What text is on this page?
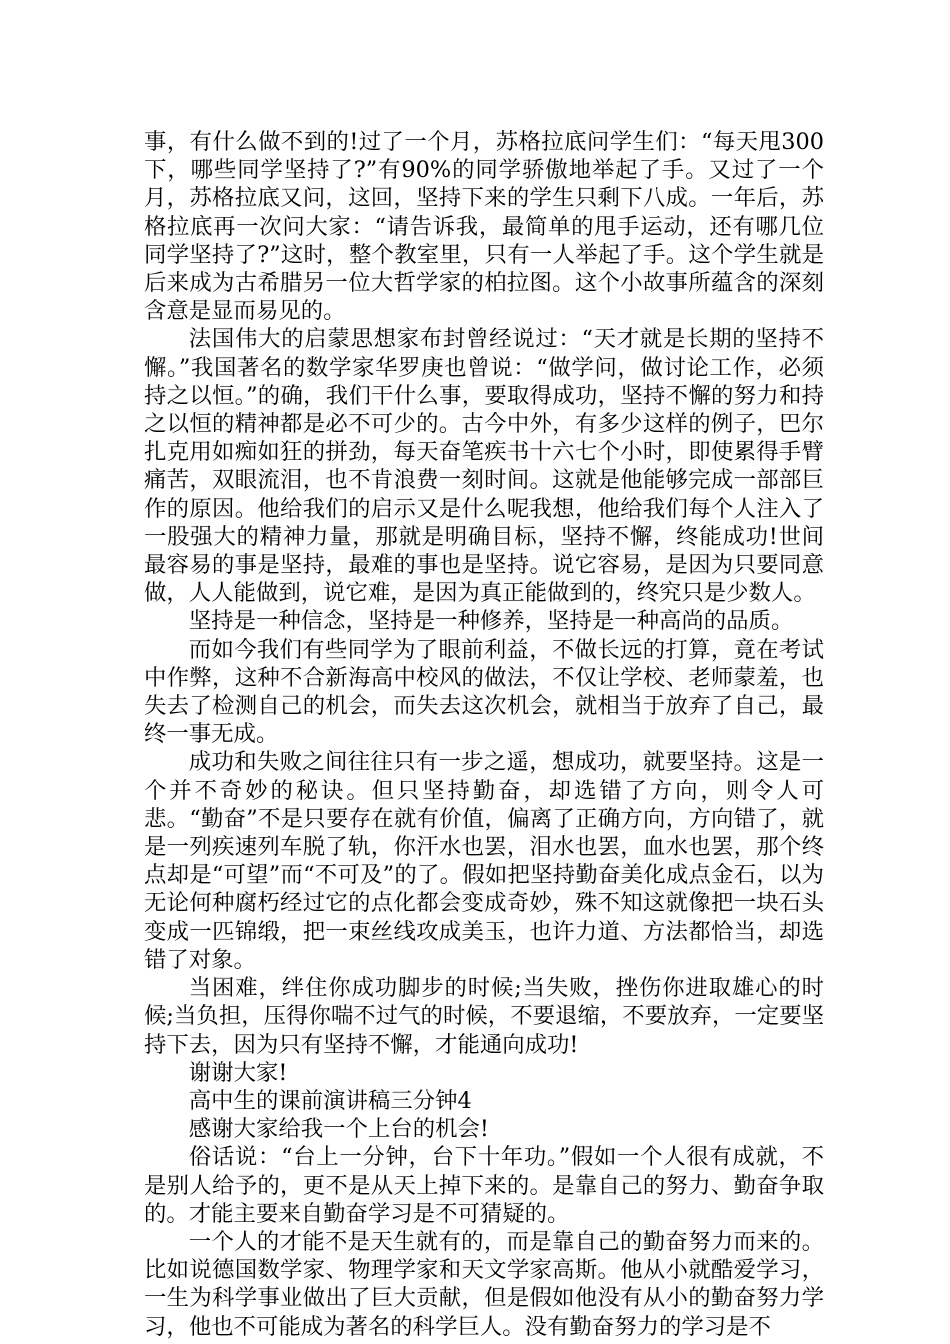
事，有什么做不到的!过了一个月，苏格拉底问学生们：“每天甩300下，哪些同学坚持了?”有90%的同学骄傲地举起了手。又过了一个月，苏格拉底又问，这回，坚持下来的学生只剩下八成。一年后，苏格拉底再一次问大家：“请告诉我，最简单的甩手运动，还有哪几位同学坚持了?”这时，整个教室里，只有一人举起了手。这个学生就是后来成为古希腊另一位大哲学家的柏拉图。这个小故事所蕴含的深刻含意是显而易见的。

法国伟大的启蒙思想家布封曾经说过：“天才就是长期的坚持不懈。”我国著名的数学家华罗庚也曾说：“做学问，做讨论工作，必须持之以恒。”的确，我们干什么事，要取得成功，坚持不懈的努力和持之以恒的精神都是必不可少的。古今中外，有多少这样的例子，巴尔扎克用如痴如狂的拼劲，每天奋笔疾书十六七个小时，即使累得手臂痛苦，双眼流泪，也不肯浪费一刻时间。这就是他能够完成一部部巨作的原因。他给我们的启示又是什么呢我想，他给我们每个人注入了一股强大的精神力量，那就是明确目标，坚持不懈，终能成功!世间最容易的事是坚持，最难的事也是坚持。说它容易，是因为只要同意做，人人能做到，说它难，是因为真正能做到的，终究只是少数人。

坚持是一种信念，坚持是一种修养，坚持是一种高尚的品质。

而如今我们有些同学为了眼前利益，不做长远的打算，竟在考试中作弊，这种不合新海高中校风的做法，不仅让学校、老师蒙羞，也失去了检测自己的机会，而失去这次机会，就相当于放弃了自己，最终一事无成。

成功和失败之间往往只有一步之遥，想成功，就要坚持。这是一个并不奇妙的秘诀。但只坚持勤奋，却选错了方向，则令人可悲。“勤奋”不是只要存在就有价值，偏离了正确方向，方向错了，就是一列疾速列车脱了轨，你汗水也罢，泪水也罢，血水也罢，那个终点却是“可望”而“不可及”的了。假如把坚持勤奋美化成点金石，以为无论何种腐朽经过它的点化都会变成奇妙，殊不知这就像把一块石头变成一匹锦缎，把一束丝线攻成美玉，也许力道、方法都恰当，却选错了对象。

当困难，绊住你成功脚步的时候;当失败，挫伤你进取雄心的时候;当负担，压得你喘不过气的时候，不要退缩，不要放弃，一定要坚持下去，因为只有坚持不懈，才能通向成功!

谢谢大家!

高中生的课前演讲稿三分钟4

感谢大家给我一个上台的机会!

俗话说：“台上一分钟，台下十年功。”假如一个人很有成就，不是别人给予的，更不是从天上掉下来的。是靠自己的努力、勤奋争取的。才能主要来自勤奋学习是不可猜疑的。

一个人的才能不是天生就有的，而是靠自己的勤奋努力而来的。比如说德国数学家、物理学家和天文学家高斯。他从小就酷爱学习，一生为科学事业做出了巨大贡献，但是假如他没有从小的勤奋努力学习，他也不可能成为著名的科学巨人。没有勤奋努力的学习是不
